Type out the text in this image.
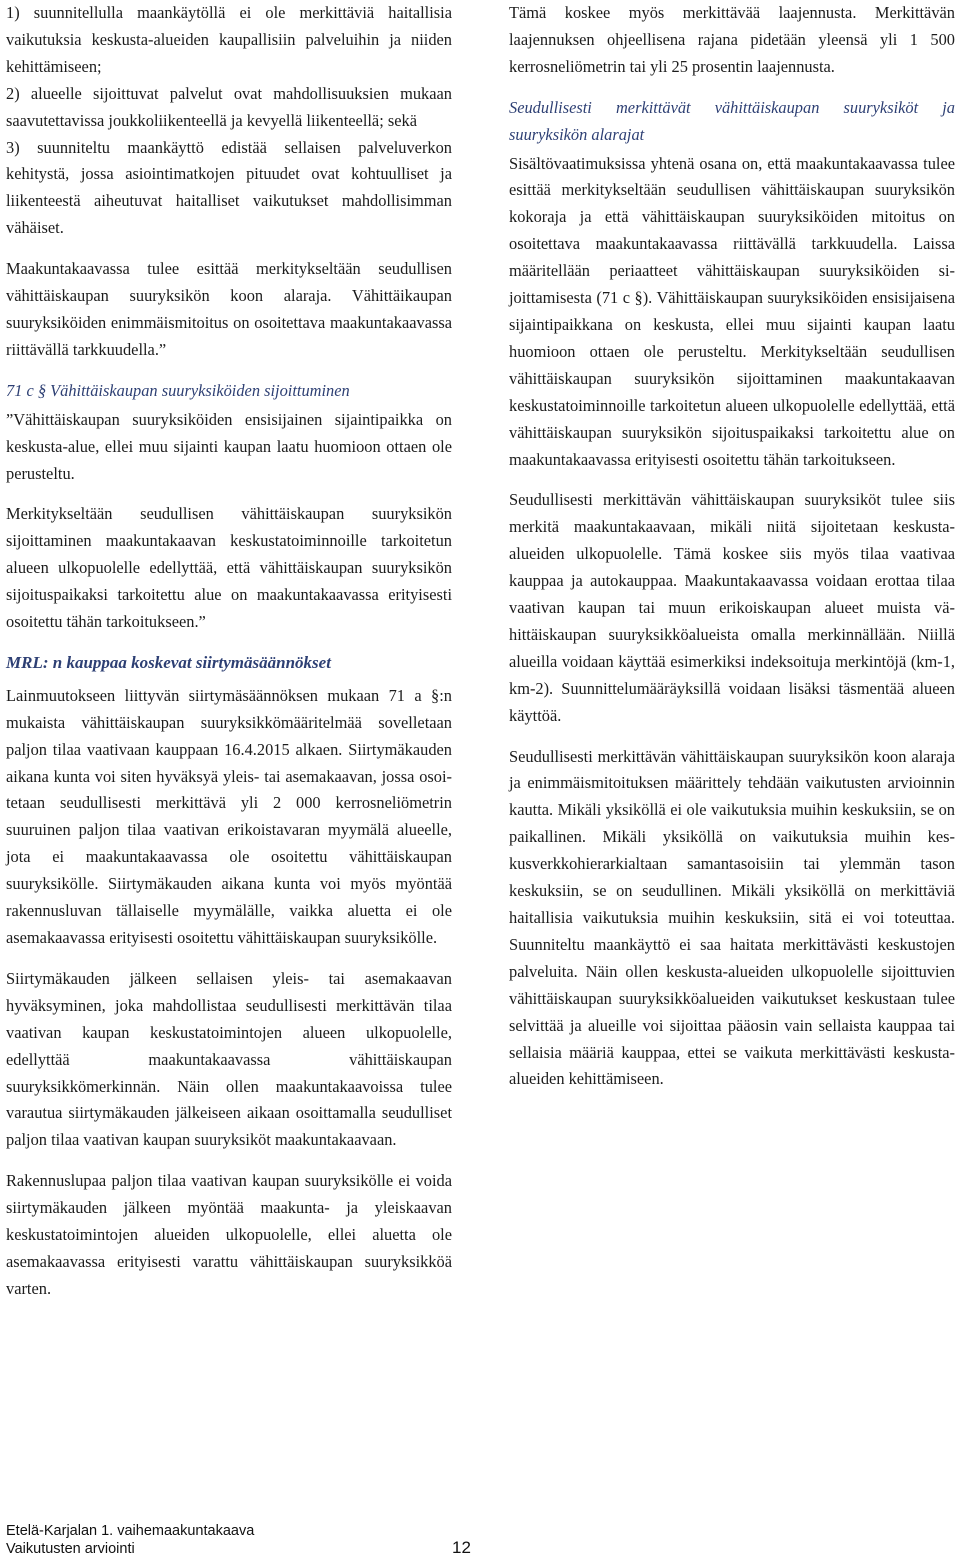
1) suunnitellulla maankäytöllä ei ole merkittäviä haitallisia vaikutuksia keskusta-alueiden kaupallisiin palveluihin ja niiden kehittämiseen;

2) alueelle sijoittuvat palvelut ovat mahdollisuuksien mukaan saavutettavissa joukkoliikenteellä ja kevyellä liikenteellä; sekä

3) suunniteltu maankäyttö edistää sellaisen palveluverkon kehitystä, jossa asiointimatkojen pituudet ovat kohtuulliset ja liikenteestä aiheutuvat haitalliset vaikutukset mahdollisimman vähäiset.

Maakuntakaavassa tulee esittää merkitykseltään seudullisen vähittäiskaupan suuryksikön koon alaraja. Vähittäikaupan suuryksiköiden enimmäismitoitus on osoitettava maakuntakaavassa riittävällä tarkkuudella.”

71 c § Vähittäiskaupan suuryksiköiden sijoittuminen

”Vähittäiskaupan suuryksiköiden ensisijainen sijaintipaikka on keskusta-alue, ellei muu sijainti kaupan laatu huomioon ottaen ole perusteltu.

Merkitykseltään seudullisen vähittäiskaupan suuryksikön sijoittaminen maakuntakaavan keskustatoiminnoille tarkoitetun alueen ulkopuolelle edellyttää, että vähittäiskaupan suuryksikön sijoituspaikaksi tarkoitettu alue on maakuntakaavassa erityisesti osoitettu tähän tarkoitukseen.”

MRL: n kauppaa koskevat siirtymäsäännökset

Lainmuutokseen liittyvän siirtymäsäännöksen mukaan 71 a §:n mukaista vähittäiskaupan suuryksikkömääritelmää sovelletaan paljon tilaa vaativaan kauppaan 16.4.2015 alkaen. Siirtymäkauden aikana kunta voi siten hyväksyä yleis- tai asemakaavan, jossa osoitetaan seudullisesti merkittävä yli 2 000 kerrosneliömetrin suuruinen paljon tilaa vaativan erikoistavaran myymälä alueelle, jota ei maakuntakaavassa ole osoitettu vähittäiskaupan suuryksikölle. Siirtymäkauden aikana kunta voi myös myöntää rakennusluvan tällaiselle myymälälle, vaikka aluetta ei ole asemakaavassa erityisesti osoitettu vähittäiskaupan suuryksikölle.

Siirtymäkauden jälkeen sellaisen yleis- tai asemakaavan hyväksyminen, joka mahdollistaa seudullisesti merkittävän tilaa vaativan kaupan keskustatoimintojen alueen ulkopuolelle, edellyttää maakuntakaavassa vähittäiskaupan suuryksikkömerkinnän. Näin ollen maakuntakaavoissa tulee varautua siirtymäkauden jälkeiseen aikaan osoittamalla seudulliset paljon tilaa vaativan kaupan suuryksiköt maakuntakaavaan.

Rakennuslupaa paljon tilaa vaativan kaupan suuryksikölle ei voida siirtymäkauden jälkeen myöntää maakunta- ja yleiskaavan keskustatoimintojen alueiden ulkopuolelle, ellei aluetta ole asemakaavassa erityisesti varattu vähittäiskaupan suuryksikköä varten.

Tämä koskee myös merkittävää laajennusta. Merkittävän laajennuksen ohjeellisena rajana pidetään yleensä yli 1 500 kerrosneliömetrin tai yli 25 prosentin laajennusta.

Seudullisesti merkittävät vähittäiskaupan suuryksiköt ja suuryksikön alarajat

Sisältövaatimuksissa yhtenä osana on, että maakuntakaavassa tulee esittää merkitykseltään seudullisen vähittäiskaupan suuryksikön kokoraja ja että vähittäiskaupan suuryksiköiden mitoitus on osoitettava maakuntakaavassa riittävällä tarkkuudella. Laissa määritellään periaatteet vähittäiskaupan suuryksiköiden sijoittamisesta (71 c §). Vähittäiskaupan suuryksiköiden ensisijaisena sijaintipaikkana on keskusta, ellei muu sijainti kaupan laatu huomioon ottaen ole perusteltu. Merkitykseltään seudullisen vähittäiskaupan suuryksikön sijoittaminen maakuntakaavan keskustatoiminnoille tarkoitetun alueen ulkopuolelle edellyttää, että vähittäiskaupan suuryksikön sijoituspaikaksi tarkoitettu alue on maakuntakaavassa erityisesti osoitettu tähän tarkoitukseen.

Seudullisesti merkittävän vähittäiskaupan suuryksiköt tulee siis merkitä maakuntakaavaan, mikäli niitä sijoitetaan keskusta-alueiden ulkopuolelle. Tämä koskee siis myös tilaa vaativaa kauppaa ja autokauppaa. Maakuntakaavassa voidaan erottaa tilaa vaativan kaupan tai muun erikoiskaupan alueet muista vähittäiskaupan suuryksikköalueista omalla merkinnällään. Niillä alueilla voidaan käyttää esimerkiksi indeksoituja merkintöjä (km-1, km-2). Suunnittelumääräyksillä voidaan lisäksi täsmentää alueen käyttöä.

Seudullisesti merkittävän vähittäiskaupan suuryksikön koon alaraja ja enimmäismitoituksen määrittely tehdään vaikutusten arvioinnin kautta. Mikäli yksiköllä ei ole vaikutuksia muihin keskuksiin, se on paikallinen. Mikäli yksiköllä on vaikutuksia muihin keskusverkkohierarkialtaan samantasoisiin tai ylemmän tason keskuksiin, se on seudullinen. Mikäli yksiköllä on merkittäviä haitallisia vaikutuksia muihin keskuksiin, sitä ei voi toteuttaa. Suunniteltu maankäyttö ei saa haitata merkittävästi keskustojen palveluita. Näin ollen keskusta-alueiden ulkopuolelle sijoittuvien vähittäiskaupan suuryksikköalueiden vaikutukset keskustaan tulee selvittää ja alueille voi sijoittaa pääosin vain sellaista kauppaa tai sellaisia määriä kauppaa, ettei se vaikuta merkittävästi keskusta-alueiden kehittämiseen.

Etelä-Karjalan 1. vaihemaakuntakaava
Vaikutusten arviointi	12
